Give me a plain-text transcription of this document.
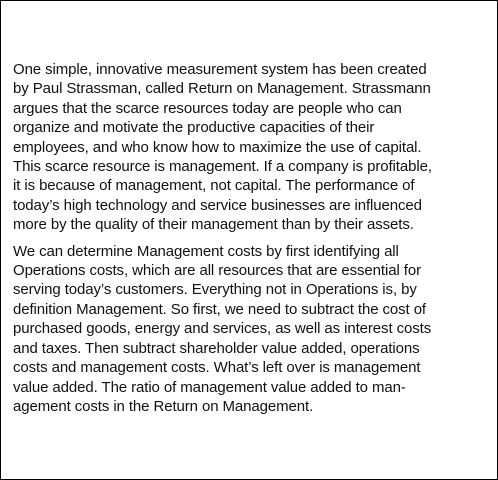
One simple, innovative measurement system has been created
by Paul Strassman, called Return on Management. Strassmann
argues that the scarce resources today are people who can
organize and motivate the productive capacities of their
employees, and who know how to maximize the use of capital.
This scarce resource is management. If a company is profitable,
it is because of management, not capital. The performance of
today’s high technology and service businesses are influenced
more by the quality of their management than by their assets.

We can determine Management costs by first identifying all
Operations costs, which are all resources that are essential for
serving today’s customers. Everything not in Operations is, by
definition Management. So first, we need to subtract the cost of
purchased goods, energy and services, as well as interest costs
and taxes. Then subtract shareholder value added, operations
costs and management costs. What’s left over is management
value added. The ratio of management value added to man-
agement costs in the Return on Management.
